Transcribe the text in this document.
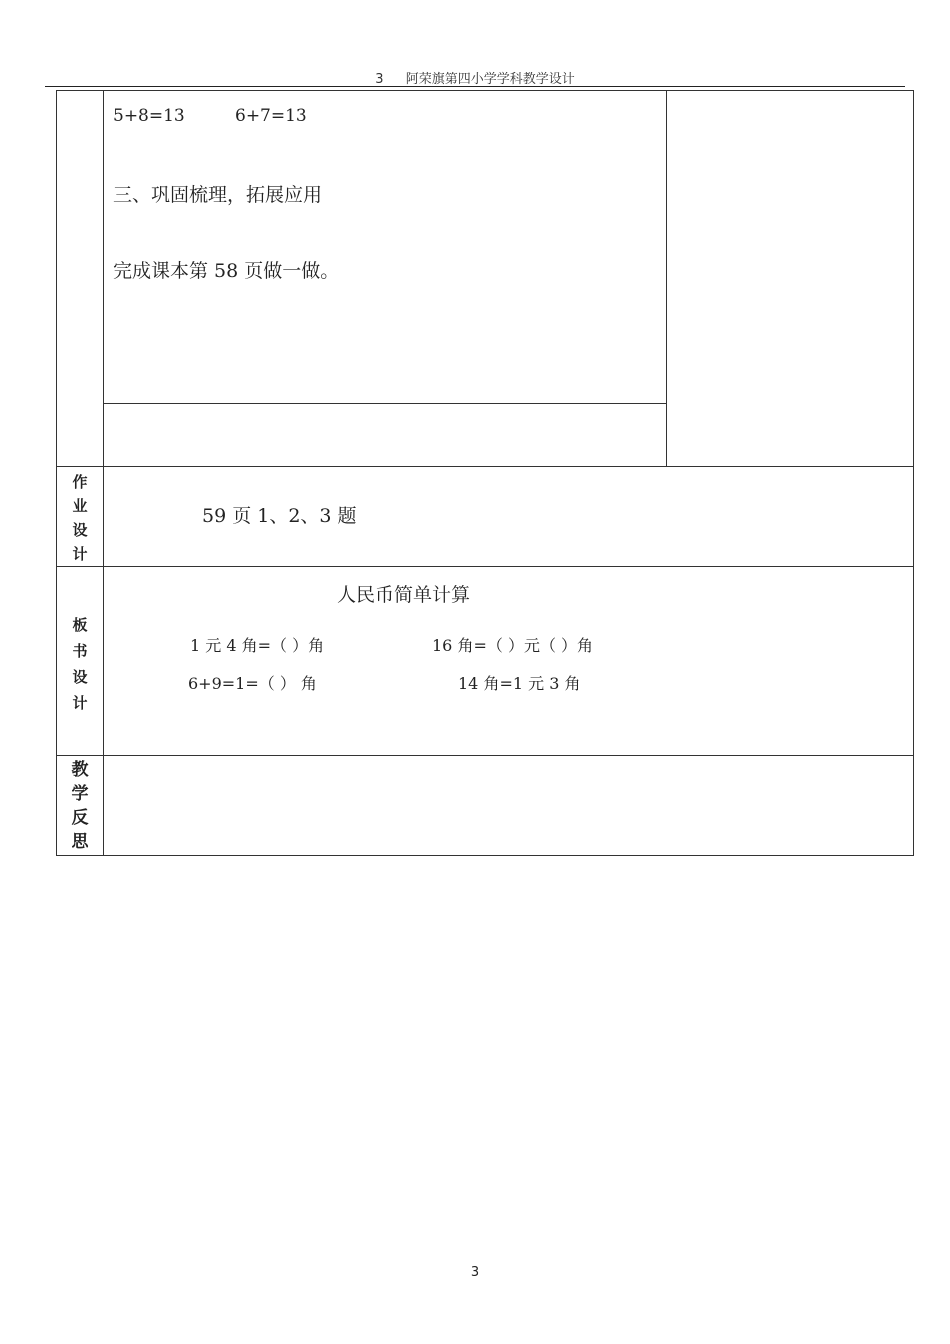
3 阿荣旗第四小学学科教学设计
5+8=13	6+7=13
三、巩固梳理，拓展应用
完成课本第 58 页做一做。
作
业
设
计
59 页 1、2、3 题
板
书
设
计
人民币简单计算
1 元 4 角=（ ）角	16 角=（ ）元（ ）角
6+9=1=（ ） 角	14 角=1 元 3 角
教
学
反
思
3
